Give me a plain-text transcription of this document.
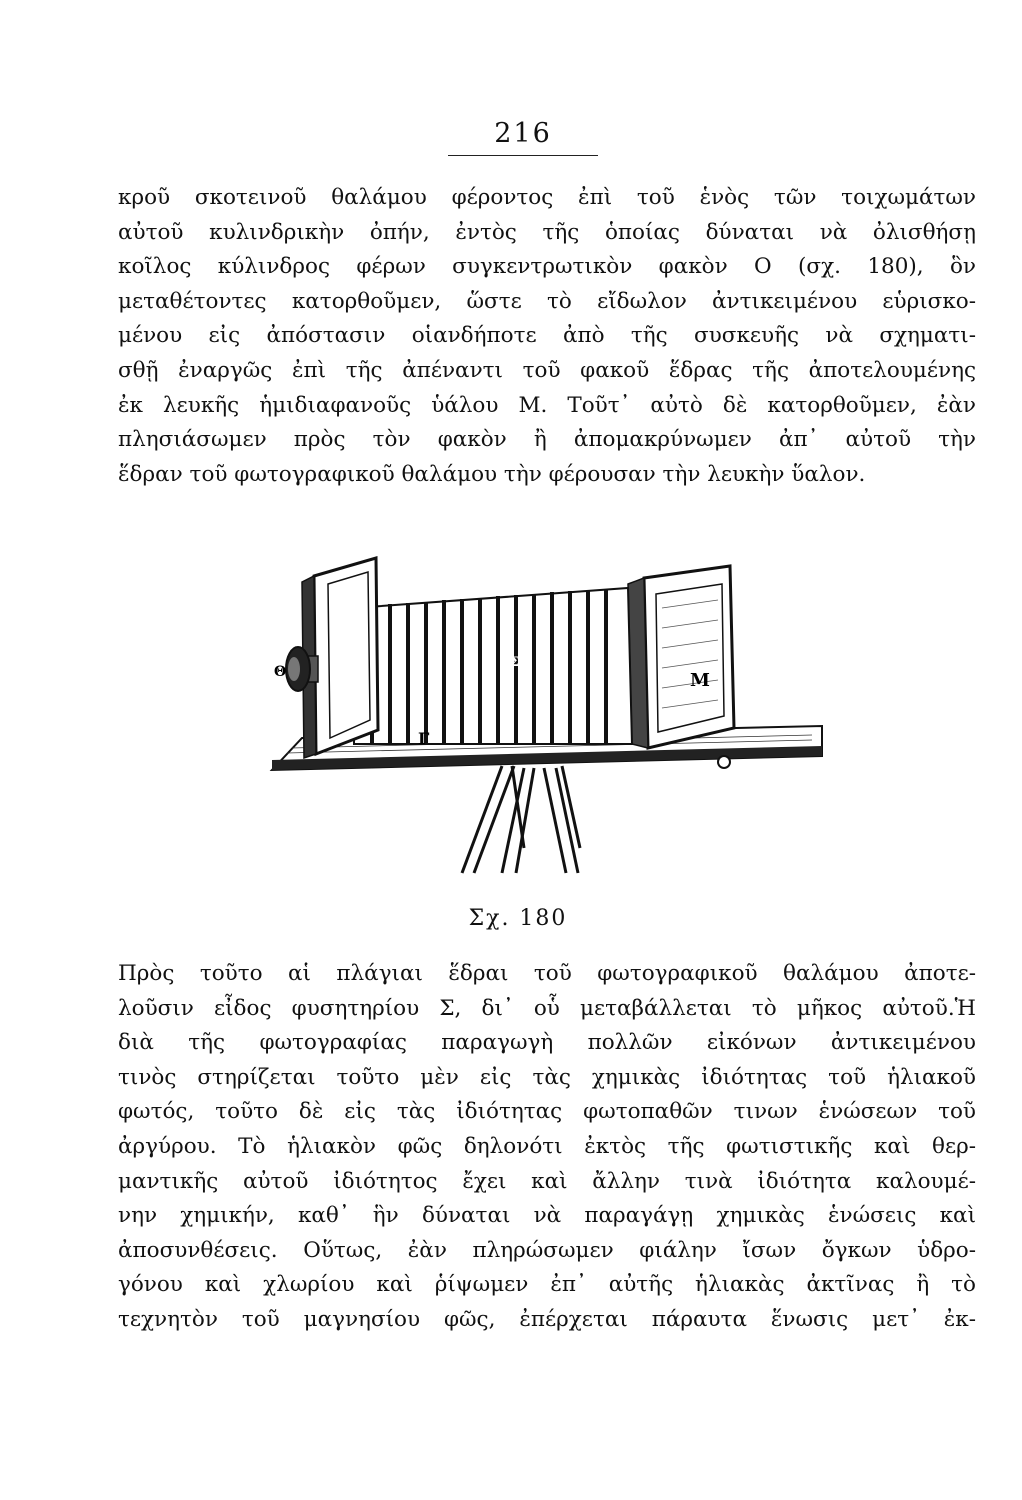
216
κροῦ σκοτεινοῦ θαλάμου φέροντος ἐπὶ τοῦ ἑνὸς τῶν τοιχωμάτων
αὐτοῦ κυλινδρικὴν ὀπήν, ἐντὸς τῆς ὁποίας δύναται νὰ ὀλισθήσῃ
κοῖλος κύλινδρος φέρων συγκεντρωτικὸν φακὸν Ο (σχ. 180), ὃν
μεταθέτοντες κατορθοῦμεν, ὥστε τὸ εἴδωλον ἀντικειμένου εὑρισκο-
μένου εἰς ἀπόστασιν οἱανδήποτε ἀπὸ τῆς συσκευῆς νὰ σχηματι-
σθῇ ἐναργῶς ἐπὶ τῆς ἀπέναντι τοῦ φακοῦ ἕδρας τῆς ἀποτελουμένης
ἐκ λευκῆς ἡμιδιαφανοῦς ὑάλου Μ. Τοῦτ᾽ αὐτὸ δὲ κατορθοῦμεν, ἐὰν
πλησιάσωμεν πρὸς τὸν φακὸν ἢ ἀπομακρύνωμεν ἀπ᾽ αὐτοῦ τὴν
ἕδραν τοῦ φωτογραφικοῦ θαλάμου τὴν φέρουσαν τὴν λευκὴν ὕαλον.
Θ
Σ
Μ
Γ
Σχ. 180
Πρὸς τοῦτο αἱ πλάγιαι ἕδραι τοῦ φωτογραφικοῦ θαλάμου ἀποτε-
λοῦσιν εἶδος φυσητηρίου Σ, δι᾽ οὗ μεταβάλλεται τὸ μῆκος αὐτοῦ.Ἡ
διὰ τῆς φωτογραφίας παραγωγὴ πολλῶν εἰκόνων ἀντικειμένου
τινὸς στηρίζεται τοῦτο μὲν εἰς τὰς χημικὰς ἰδιότητας τοῦ ἡλιακοῦ
φωτός, τοῦτο δὲ εἰς τὰς ἰδιότητας φωτοπαθῶν τινων ἑνώσεων τοῦ
ἀργύρου. Τὸ ἡλιακὸν φῶς δηλονότι ἐκτὸς τῆς φωτιστικῆς καὶ θερ-
μαντικῆς αὐτοῦ ἰδιότητος ἔχει καὶ ἄλλην τινὰ ἰδιότητα καλουμέ-
νην χημικήν, καθ᾽ ἣν δύναται νὰ παραγάγῃ χημικὰς ἑνώσεις καὶ
ἀποσυνθέσεις. Οὕτως, ἐὰν πληρώσωμεν φιάλην ἴσων ὄγκων ὑδρο-
γόνου καὶ χλωρίου καὶ ῥίψωμεν ἐπ᾽ αὐτῆς ἡλιακὰς ἀκτῖνας ἢ τὸ
τεχνητὸν τοῦ μαγνησίου φῶς, ἐπέρχεται πάραυτα ἕνωσις μετ᾽ ἐκ-
